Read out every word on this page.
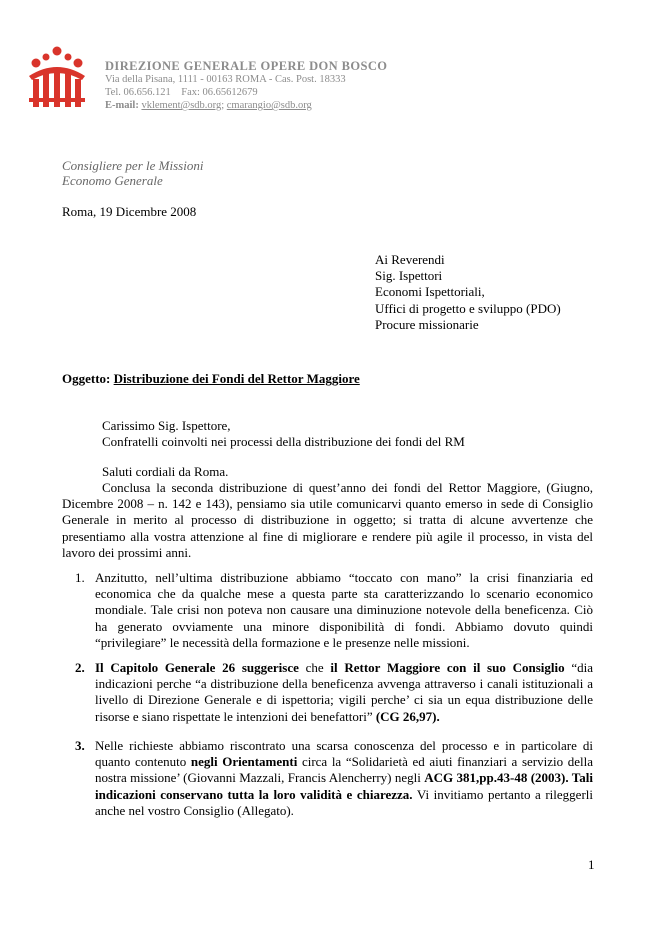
DIREZIONE GENERALE OPERE DON BOSCO
Via della Pisana, 1111 - 00163 ROMA - Cas. Post. 18333
Tel. 06.656.121 Fax: 06.65612679
E-mail: vklement@sdb.org; cmarangio@sdb.org
Consigliere per le Missioni
Economo Generale
Roma, 19 Dicembre 2008
Ai Reverendi
Sig. Ispettori
Economi Ispettoriali,
Uffici di progetto e sviluppo (PDO)
Procure missionarie
Oggetto: Distribuzione dei Fondi del Rettor Maggiore
Carissimo Sig. Ispettore,
Confratelli coinvolti nei processi della distribuzione dei fondi del RM
Saluti cordiali da Roma.
Conclusa la seconda distribuzione di quest’anno dei fondi del Rettor Maggiore, (Giugno, Dicembre 2008 – n. 142 e 143), pensiamo sia utile comunicarvi quanto emerso in sede di Consiglio Generale in merito al processo di distribuzione in oggetto; si tratta di alcune avvertenze che presentiamo alla vostra attenzione al fine di migliorare e rendere più agile il processo, in vista del lavoro dei prossimi anni.
1. Anzitutto, nell’ultima distribuzione abbiamo “toccato con mano” la crisi finanziaria ed economica che da qualche mese a questa parte sta caratterizzando lo scenario economico mondiale. Tale crisi non poteva non causare una diminuzione notevole della beneficenza. Ciò ha generato ovviamente una minore disponibilità di fondi. Abbiamo dovuto quindi “privilegiare” le necessità della formazione e le presenze nelle missioni.
2. Il Capitolo Generale 26 suggerisce che il Rettor Maggiore con il suo Consiglio “dia indicazioni perche “a distribuzione della beneficenza avvenga attraverso i canali istituzionali a livello di Direzione Generale e di ispettoria; vigili perche’ ci sia un equa distribuzione delle risorse e siano rispettate le intenzioni dei benefattori” (CG 26,97).
3. Nelle richieste abbiamo riscontrato una scarsa conoscenza del processo e in particolare di quanto contenuto negli Orientamenti circa la “Solidarietà ed aiuti finanziari a servizio della nostra missione’ (Giovanni Mazzali, Francis Alencherry) negli ACG 381,pp.43-48 (2003). Tali indicazioni conservano tutta la loro validità e chiarezza. Vi invitiamo pertanto a rileggerli anche nel vostro Consiglio (Allegato).
1
